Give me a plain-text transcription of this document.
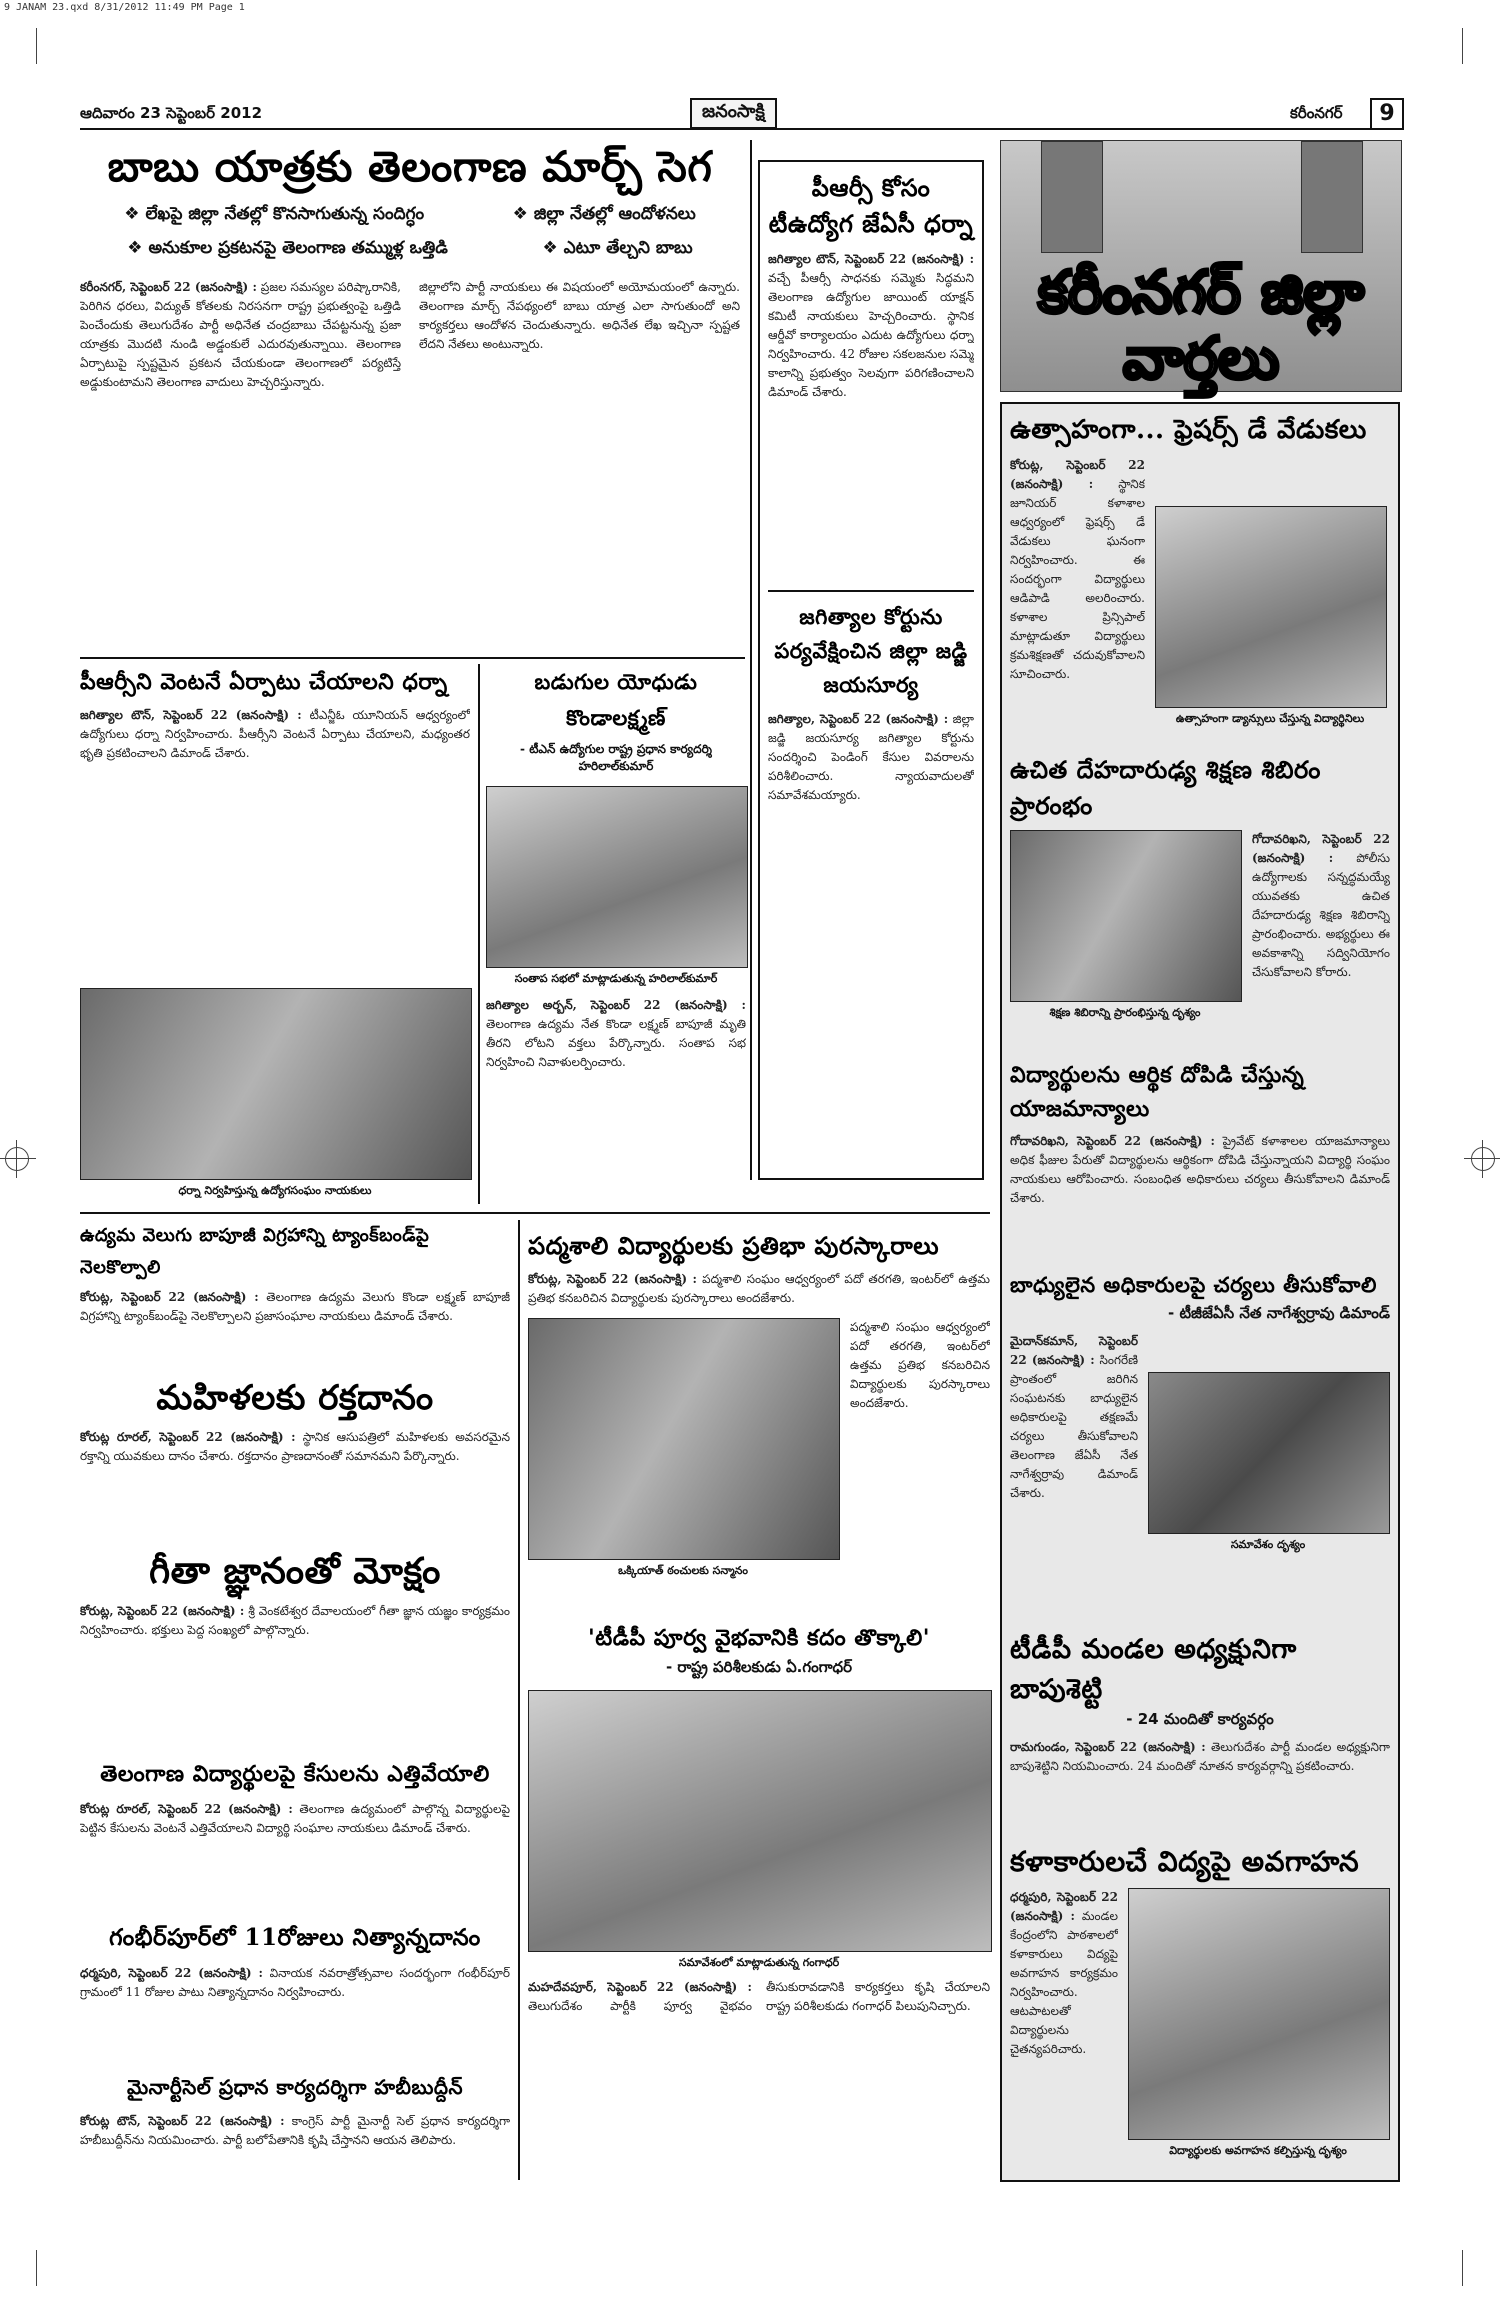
9 JANAM 23.qxd 8/31/2012 11:49 PM Page 1
ఆదివారం 23 సెప్టెంబర్ 2012	జనంసాక్షి	కరీంనగర్	9
కరీంనగర్ జిల్లా వార్తలు
బాబు యాత్రకు తెలంగాణ మార్చ్ సెగ
❖ లేఖపై జిల్లా నేతల్లో కొనసాగుతున్న సందిగ్ధం	❖ జిల్లా నేతల్లో ఆందోళనలు
❖ అనుకూల ప్రకటనపై తెలంగాణ తమ్ముళ్ల ఒత్తిడి	❖ ఎటూ తేల్చని బాబు
కరీంనగర్, సెప్టెంబర్ 22 (జనంసాక్షి) : ప్రజల సమస్యల పరిష్కారానికి, పెరిగిన ధరలు, విద్యుత్ కోతలకు నిరసనగా రాష్ట్ర ప్రభుత్వంపై ఒత్తిడి పెంచేందుకు తెలుగుదేశం పార్టీ అధినేత చంద్రబాబు చేపట్టనున్న ప్రజా యాత్రకు మొదటి నుండి అడ్డంకులే ఎదురవుతున్నాయి. తెలంగాణ ఏర్పాటుపై స్పష్టమైన ప్రకటన చేయకుండా తెలంగాణలో పర్యటిస్తే అడ్డుకుంటామని తెలంగాణ వాదులు హెచ్చరిస్తున్నారు.

జిల్లాలోని పార్టీ నాయకులు ఈ విషయంలో అయోమయంలో ఉన్నారు. తెలంగాణ మార్చ్ నేపథ్యంలో బాబు యాత్ర ఎలా సాగుతుందో అని కార్యకర్తలు ఆందోళన చెందుతున్నారు. అధినేత లేఖ ఇచ్చినా స్పష్టత లేదని నేతలు అంటున్నారు.

పీఆర్సీ కోసం టీఉద్యోగ జేఏసీ ధర్నా
జగిత్యాల టౌన్, సెప్టెంబర్ 22 (జనంసాక్షి) : వచ్చే పీఆర్సీ సాధనకు సమ్మెకు సిద్ధమని తెలంగాణ ఉద్యోగుల జాయింట్ యాక్షన్ కమిటీ నాయకులు హెచ్చరించారు. స్థానిక ఆర్డీవో కార్యాలయం ఎదుట ఉద్యోగులు ధర్నా నిర్వహించారు. 42 రోజుల సకలజనుల సమ్మె కాలాన్ని ప్రభుత్వం సెలవుగా పరిగణించాలని డిమాండ్ చేశారు.
జగిత్యాల కోర్టును పర్యవేక్షించిన జిల్లా జడ్జి జయసూర్య
జగిత్యాల, సెప్టెంబర్ 22 (జనంసాక్షి) : జిల్లా జడ్జి జయసూర్య జగిత్యాల కోర్టును సందర్శించి పెండింగ్ కేసుల వివరాలను పరిశీలించారు. న్యాయవాదులతో సమావేశమయ్యారు.
ఉత్సాహంగా... ఫ్రెషర్స్ డే వేడుకలు
కోరుట్ల, సెప్టెంబర్ 22 (జనంసాక్షి) : స్థానిక జూనియర్ కళాశాల ఆధ్వర్యంలో ఫ్రెషర్స్ డే వేడుకలు ఘనంగా నిర్వహించారు. ఈ సందర్భంగా విద్యార్థులు ఆడిపాడి అలరించారు. కళాశాల ప్రిన్సిపాల్ మాట్లాడుతూ విద్యార్థులు క్రమశిక్షణతో చదువుకోవాలని సూచించారు.
ఉత్సాహంగా డ్యాన్సులు చేస్తున్న విద్యార్థినిలు
ఉచిత దేహదారుఢ్య శిక్షణ శిబిరం ప్రారంభం
శిక్షణ శిబిరాన్ని ప్రారంభిస్తున్న దృశ్యం
గోదావరిఖని, సెప్టెంబర్ 22 (జనంసాక్షి) : పోలీసు ఉద్యోగాలకు సన్నద్ధమయ్యే యువతకు ఉచిత దేహదారుఢ్య శిక్షణ శిబిరాన్ని ప్రారంభించారు. అభ్యర్థులు ఈ అవకాశాన్ని సద్వినియోగం చేసుకోవాలని కోరారు.
విద్యార్థులను ఆర్థిక దోపిడి చేస్తున్న యాజమాన్యాలు
గోదావరిఖని, సెప్టెంబర్ 22 (జనంసాక్షి) : ప్రైవేట్ కళాశాలల యాజమాన్యాలు అధిక ఫీజుల పేరుతో విద్యార్థులను ఆర్థికంగా దోపిడి చేస్తున్నాయని విద్యార్థి సంఘం నాయకులు ఆరోపించారు. సంబంధిత అధికారులు చర్యలు తీసుకోవాలని డిమాండ్ చేశారు.
బాధ్యులైన అధికారులపై చర్యలు తీసుకోవాలి
- టీజీజేఏసీ నేత నాగేశ్వర్రావు డిమాండ్
మైదాన్‌కమాన్, సెప్టెంబర్ 22 (జనంసాక్షి) : సింగరేణి ప్రాంతంలో జరిగిన సంఘటనకు బాధ్యులైన అధికారులపై తక్షణమే చర్యలు తీసుకోవాలని తెలంగాణ జేఏసీ నేత నాగేశ్వర్రావు డిమాండ్ చేశారు.
సమావేశం దృశ్యం
టీడీపీ మండల అధ్యక్షునిగా బాపుశెట్టి
- 24 మందితో కార్యవర్గం
రామగుండం, సెప్టెంబర్ 22 (జనంసాక్షి) : తెలుగుదేశం పార్టీ మండల అధ్యక్షునిగా బాపుశెట్టిని నియమించారు. 24 మందితో నూతన కార్యవర్గాన్ని ప్రకటించారు.
కళాకారులచే విద్యపై అవగాహన
ధర్మపురి, సెప్టెంబర్ 22 (జనంసాక్షి) : మండల కేంద్రంలోని పాఠశాలలో కళాకారులు విద్యపై అవగాహన కార్యక్రమం నిర్వహించారు. ఆటపాటలతో విద్యార్థులను చైతన్యపరిచారు.
విద్యార్థులకు అవగాహన కల్పిస్తున్న దృశ్యం
పీఆర్సీని వెంటనే ఏర్పాటు చేయాలని ధర్నా
జగిత్యాల టౌన్, సెప్టెంబర్ 22 (జనంసాక్షి) : టీఎన్జీఓ యూనియన్ ఆధ్వర్యంలో ఉద్యోగులు ధర్నా నిర్వహించారు. పీఆర్సీని వెంటనే ఏర్పాటు చేయాలని, మధ్యంతర భృతి ప్రకటించాలని డిమాండ్ చేశారు.
ధర్నా నిర్వహిస్తున్న ఉద్యోగసంఘం నాయకులు
బడుగుల యోధుడు కొండాలక్ష్మణ్
- టీఎన్ ఉద్యోగుల రాష్ట్ర ప్రధాన కార్యదర్శి హరిలాల్‌కుమార్
సంతాప సభలో మాట్లాడుతున్న హరిలాల్‌కుమార్
జగిత్యాల అర్బన్, సెప్టెంబర్ 22 (జనంసాక్షి) : తెలంగాణ ఉద్యమ నేత కొండా లక్ష్మణ్ బాపూజీ మృతి తీరని లోటని వక్తలు పేర్కొన్నారు. సంతాప సభ నిర్వహించి నివాళులర్పించారు.
ఉద్యమ వెలుగు బాపూజీ విగ్రహాన్ని ట్యాంక్‌బండ్‌పై నెలకొల్పాలి
కోరుట్ల, సెప్టెంబర్ 22 (జనంసాక్షి) : తెలంగాణ ఉద్యమ వెలుగు కొండా లక్ష్మణ్ బాపూజీ విగ్రహాన్ని ట్యాంక్‌బండ్‌పై నెలకొల్పాలని ప్రజాసంఘాల నాయకులు డిమాండ్ చేశారు.
మహిళలకు రక్తదానం
కోరుట్ల రూరల్, సెప్టెంబర్ 22 (జనంసాక్షి) : స్థానిక ఆసుపత్రిలో మహిళలకు అవసరమైన రక్తాన్ని యువకులు దానం చేశారు. రక్తదానం ప్రాణదానంతో సమానమని పేర్కొన్నారు.
గీతా జ్ఞానంతో మోక్షం
కోరుట్ల, సెప్టెంబర్ 22 (జనంసాక్షి) : శ్రీ వెంకటేశ్వర దేవాలయంలో గీతా జ్ఞాన యజ్ఞం కార్యక్రమం నిర్వహించారు. భక్తులు పెద్ద సంఖ్యలో పాల్గొన్నారు.
తెలంగాణ విద్యార్థులపై కేసులను ఎత్తివేయాలి
కోరుట్ల రూరల్, సెప్టెంబర్ 22 (జనంసాక్షి) : తెలంగాణ ఉద్యమంలో పాల్గొన్న విద్యార్థులపై పెట్టిన కేసులను వెంటనే ఎత్తివేయాలని విద్యార్థి సంఘాల నాయకులు డిమాండ్ చేశారు.
గంభీర్‌పూర్‌లో 11రోజులు నిత్యాన్నదానం
ధర్మపురి, సెప్టెంబర్ 22 (జనంసాక్షి) : వినాయక నవరాత్రోత్సవాల సందర్భంగా గంభీర్‌పూర్ గ్రామంలో 11 రోజుల పాటు నిత్యాన్నదానం నిర్వహించారు.
మైనార్టీసెల్ ప్రధాన కార్యదర్శిగా హబీబుద్దీన్
కోరుట్ల టౌన్, సెప్టెంబర్ 22 (జనంసాక్షి) : కాంగ్రెస్ పార్టీ మైనార్టీ సెల్ ప్రధాన కార్యదర్శిగా హబీబుద్దీన్‌ను నియమించారు. పార్టీ బలోపేతానికి కృషి చేస్తానని ఆయన తెలిపారు.
పద్మశాలి విద్యార్థులకు ప్రతిభా పురస్కారాలు
కోరుట్ల, సెప్టెంబర్ 22 (జనంసాక్షి) : పద్మశాలి సంఘం ఆధ్వర్యంలో పదో తరగతి, ఇంటర్‌లో ఉత్తమ ప్రతిభ కనబరిచిన విద్యార్థులకు పురస్కారాలు అందజేశారు.
ఒక్కియాత్ ఠంచులకు సన్మానం
పద్మశాలి సంఘం ఆధ్వర్యంలో పదో తరగతి, ఇంటర్‌లో ఉత్తమ ప్రతిభ కనబరిచిన విద్యార్థులకు పురస్కారాలు అందజేశారు.
'టీడీపీ పూర్వ వైభవానికి కదం తొక్కాలి'
- రాష్ట్ర పరిశీలకుడు ఏ.గంగాధర్
సమావేశంలో మాట్లాడుతున్న గంగాధర్
మహదేవపూర్, సెప్టెంబర్ 22 (జనంసాక్షి) : తెలుగుదేశం పార్టీకి పూర్వ వైభవం తీసుకురావడానికి కార్యకర్తలు కృషి చేయాలని రాష్ట్ర పరిశీలకుడు గంగాధర్ పిలుపునిచ్చారు.
